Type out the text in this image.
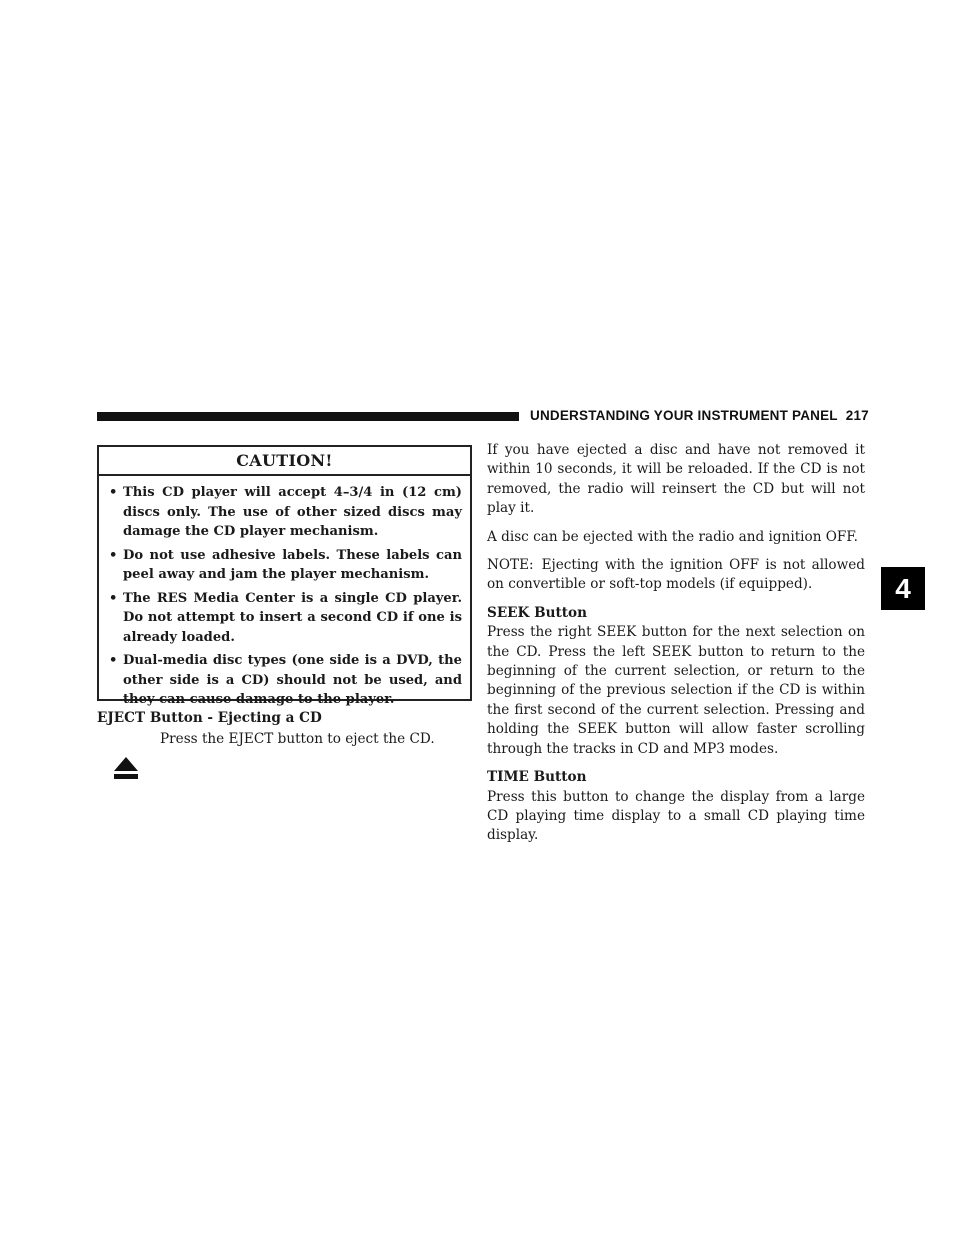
UNDERSTANDING YOUR INSTRUMENT PANEL 217
4
CAUTION!
• This CD player will accept 4–3/4 in (12 cm) discs only. The use of other sized discs may damage the CD player mechanism.
• Do not use adhesive labels. These labels can peel away and jam the player mechanism.
• The RES Media Center is a single CD player. Do not attempt to insert a second CD if one is already loaded.
• Dual-media disc types (one side is a DVD, the other side is a CD) should not be used, and they can cause damage to the player.
EJECT Button - Ejecting a CD
Press the EJECT button to eject the CD.

If you have ejected a disc and have not removed it within 10 seconds, it will be reloaded. If the CD is not removed, the radio will reinsert the CD but will not play it.

A disc can be ejected with the radio and ignition OFF.

NOTE: Ejecting with the ignition OFF is not allowed on convertible or soft-top models (if equipped).

SEEK Button

Press the right SEEK button for the next selection on the CD. Press the left SEEK button to return to the beginning of the current selection, or return to the beginning of the previous selection if the CD is within the first second of the current selection. Pressing and holding the SEEK button will allow faster scrolling through the tracks in CD and MP3 modes.

TIME Button

Press this button to change the display from a large CD playing time display to a small CD playing time display.
